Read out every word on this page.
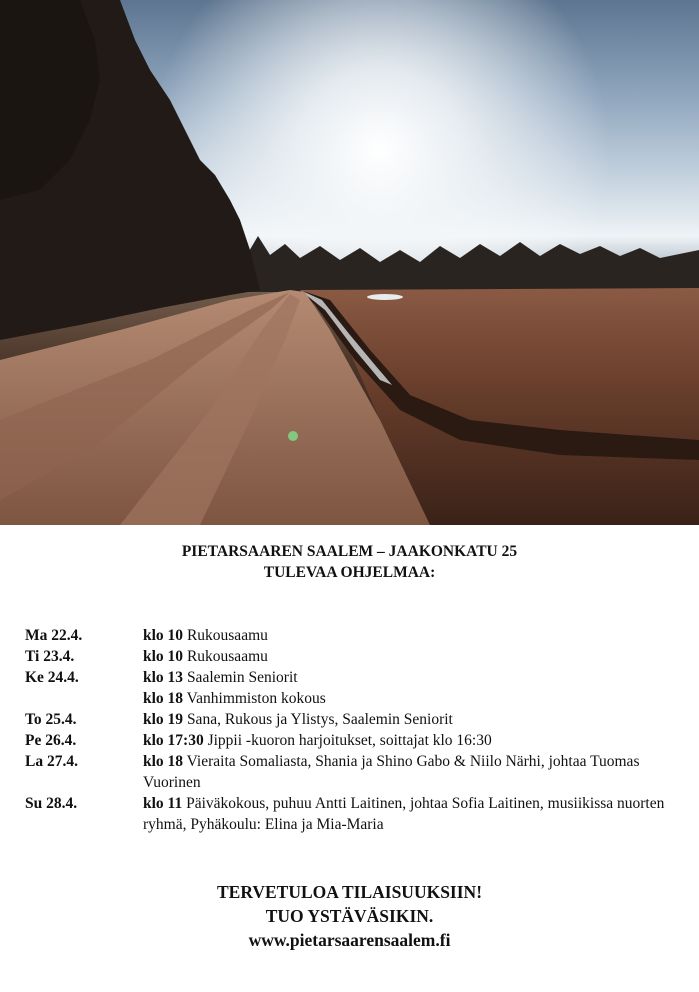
PIETARSAAREN SAALEM – JAAKONKATU 25
TULEVAA OHJELMAA:
Ma 22.4.	klo 10 Rukousaamu
Ti 23.4.	klo 10 Rukousaamu
Ke 24.4.	klo 13 Saalemin Seniorit
klo 18 Vanhimmiston kokous
To 25.4.	klo 19 Sana, Rukous ja Ylistys, Saalemin Seniorit
Pe 26.4.	klo 17:30 Jippii -kuoron harjoitukset, soittajat klo 16:30
La 27.4.	klo 18 Vieraita Somaliasta, Shania ja Shino Gabo & Niilo Närhi, johtaa Tuomas Vuorinen
Su 28.4.	klo 11 Päiväkokous, puhuu Antti Laitinen, johtaa Sofia Laitinen, musiikissa nuorten ryhmä, Pyhäkoulu: Elina ja Mia-Maria
TERVETULOA TILAISUUKSIIN!
TUO YSTÄVÄSIKIN.
www.pietarsaarensaalem.fi
